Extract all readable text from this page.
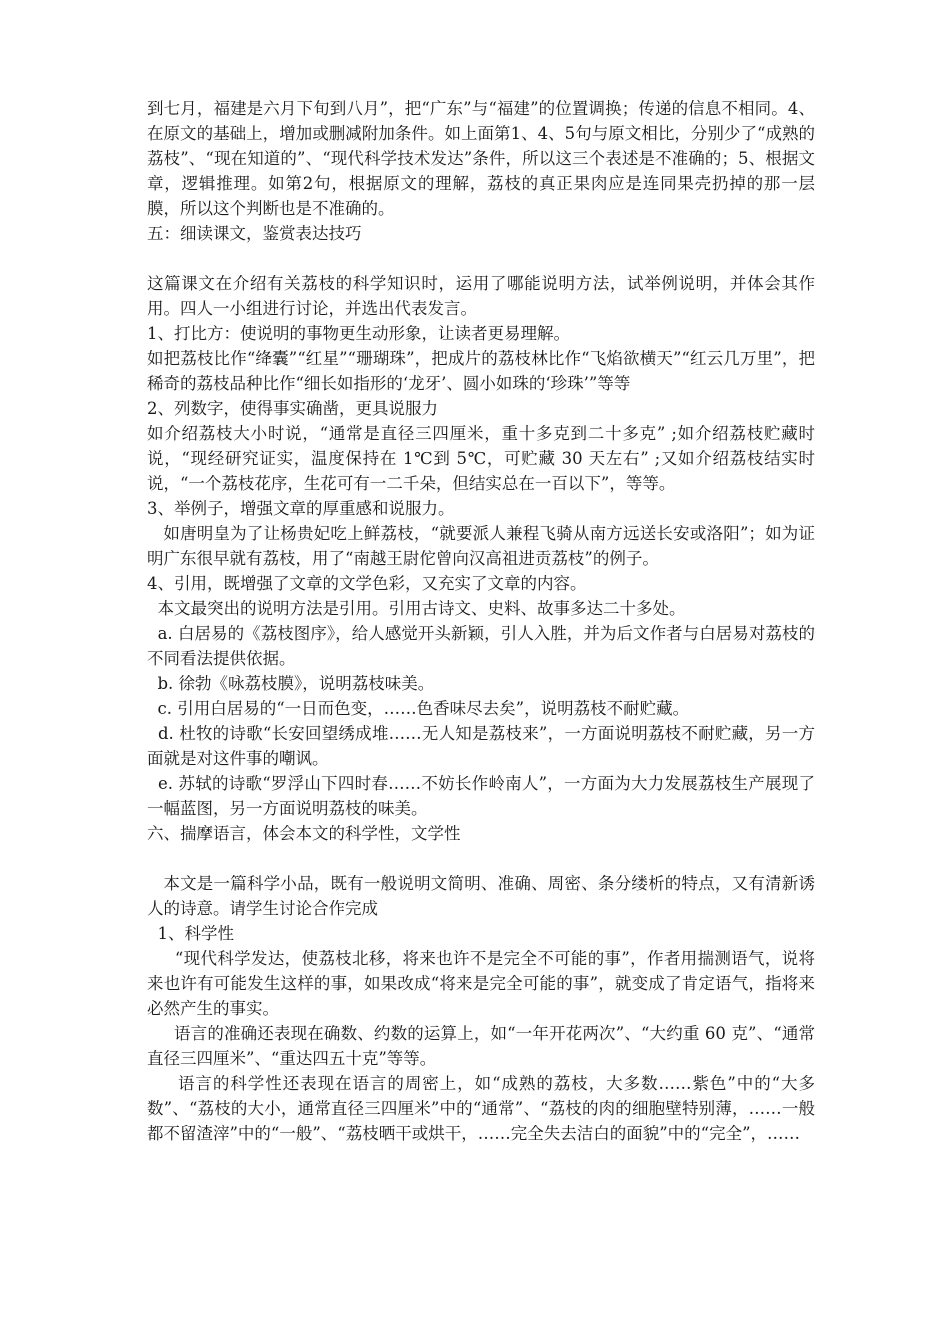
到七月，福建是六月下旬到八月”，把“广东”与“福建”的位置调换；传递的信息不相同。4、在原文的基础上，增加或删减附加条件。如上面第1、4、5句与原文相比，分别少了“成熟的荔枝”、“现在知道的”、“现代科学技术发达”条件，所以这三个表述是不准确的；5、根据文章，逻辑推理。如第2句，根据原文的理解，荔枝的真正果肉应是连同果壳扔掉的那一层膜，所以这个判断也是不准确的。

五：细读课文，鉴赏表达技巧

这篇课文在介绍有关荔枝的科学知识时，运用了哪能说明方法，试举例说明，并体会其作用。四人一小组进行讨论，并选出代表发言。

1、打比方：使说明的事物更生动形象，让读者更易理解。

如把荔枝比作“绛囊”“红星”“珊瑚珠”，把成片的荔枝林比作“飞焰欲横天”“红云几万里”，把稀奇的荔枝品种比作“细长如指形的‘龙牙’、圆小如珠的‘珍珠’”等等

2、列数字，使得事实确凿，更具说服力

如介绍荔枝大小时说，“通常是直径三四厘米，重十多克到二十多克” ;如介绍荔枝贮藏时说，“现经研究证实，温度保持在 1℃到 5℃，可贮藏 30 天左右” ;又如介绍荔枝结实时说，“一个荔枝花序，生花可有一二千朵，但结实总在一百以下”，等等。

3、举例子，增强文章的厚重感和说服力。

如唐明皇为了让杨贵妃吃上鲜荔枝，“就要派人兼程飞骑从南方远送长安或洛阳”；如为证明广东很早就有荔枝，用了“南越王尉佗曾向汉高祖进贡荔枝”的例子。

4、引用，既增强了文章的文学色彩，又充实了文章的内容。

本文最突出的说明方法是引用。引用古诗文、史料、故事多达二十多处。

a. 白居易的《荔枝图序》，给人感觉开头新颖，引人入胜，并为后文作者与白居易对荔枝的不同看法提供依据。

b. 徐勃《咏荔枝膜》，说明荔枝味美。

c. 引用白居易的“一日而色变，……色香味尽去矣”，说明荔枝不耐贮藏。

d. 杜牧的诗歌“长安回望绣成堆……无人知是荔枝来”，一方面说明荔枝不耐贮藏，另一方面就是对这件事的嘲讽。

e. 苏轼的诗歌“罗浮山下四时春……不妨长作岭南人”，一方面为大力发展荔枝生产展现了一幅蓝图，另一方面说明荔枝的味美。

六、揣摩语言，体会本文的科学性，文学性

本文是一篇科学小品，既有一般说明文简明、准确、周密、条分缕析的特点，又有清新诱人的诗意。请学生讨论合作完成

1、科学性

“现代科学发达，使荔枝北移，将来也许不是完全不可能的事”，作者用揣测语气，说将来也许有可能发生这样的事，如果改成“将来是完全可能的事”，就变成了肯定语气，指将来必然产生的事实。

语言的准确还表现在确数、约数的运算上，如“一年开花两次”、“大约重 60 克”、“通常直径三四厘米”、“重达四五十克”等等。

语言的科学性还表现在语言的周密上，如“成熟的荔枝，大多数……紫色”中的“大多数”、“荔枝的大小，通常直径三四厘米”中的“通常”、“荔枝的肉的细胞壁特别薄，……一般都不留渣滓”中的“一般”、“荔枝晒干或烘干，……完全失去洁白的面貌”中的“完全”，……
